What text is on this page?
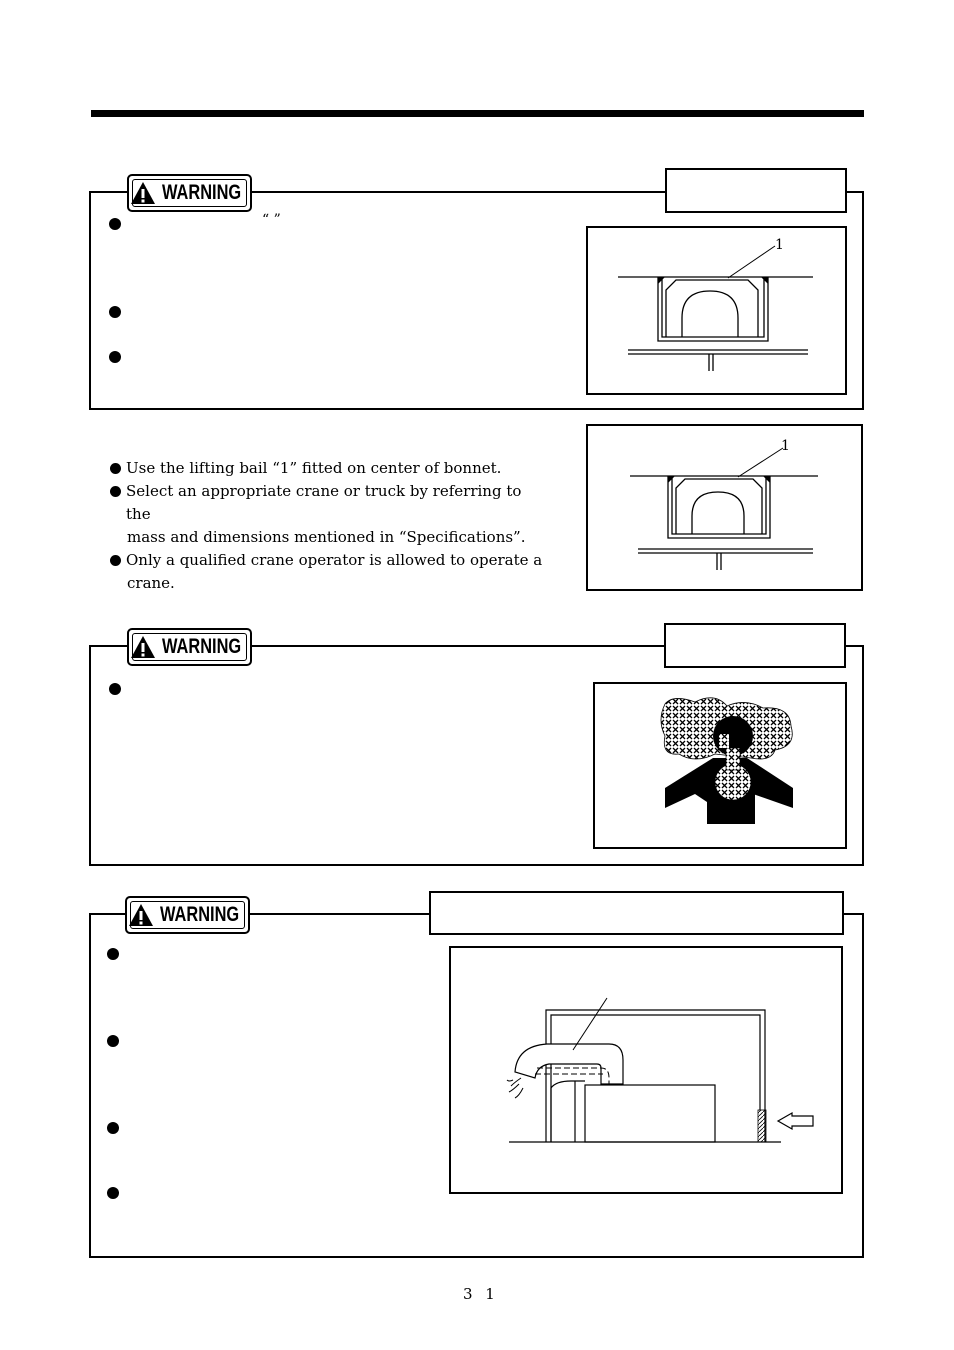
WARNING
“ ”
1
Use the lifting bail “1” fitted on center of bonnet.
Select an appropriate crane or truck by referring to the
mass and dimensions mentioned in “Specifications”.
Only a qualified crane operator is allowed to operate a
crane.
1
WARNING
WARNING
3 1
